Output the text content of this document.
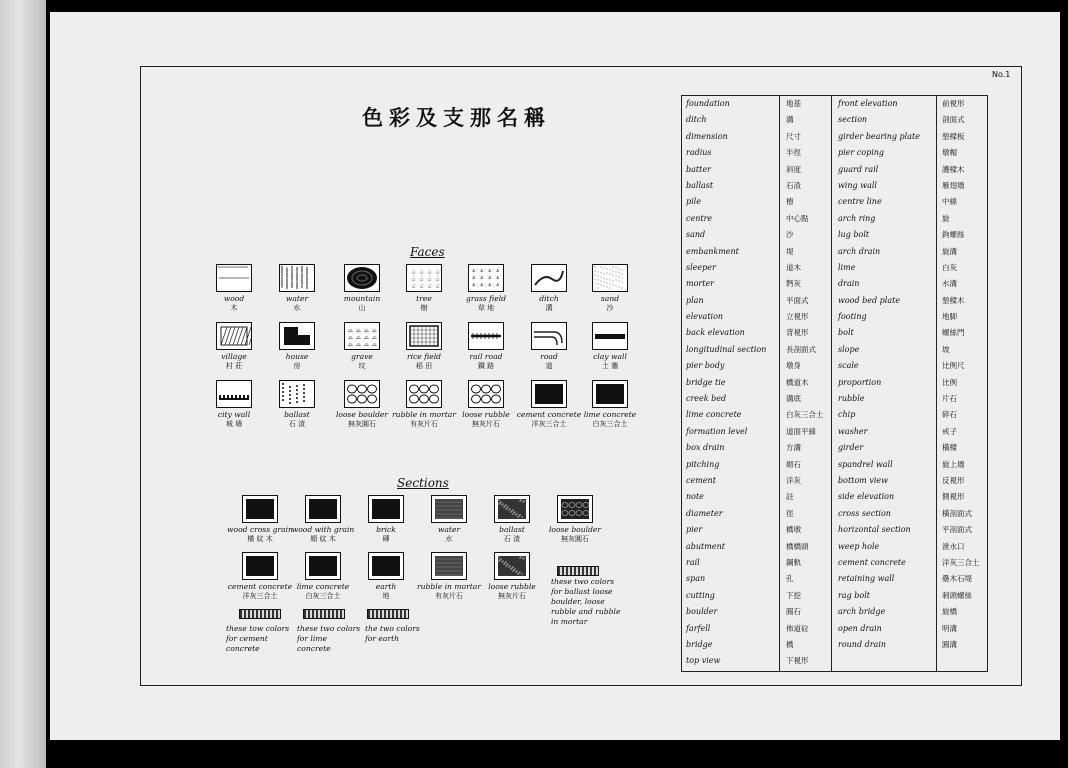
No.1
色彩及支那名稱
Faces
Sections
wood
木
water
水
mountain
山
♧ ♧ ♧ ♧
♧ ♧ ♧ ♧
♧ ♧ ♧ ♧
tree
樹
ᐞ ᐞ ᐞ ᐞ
ᐞ ᐞ ᐞ ᐞ
ᐞ ᐞ ᐞ ᐞ
grass field
草 地
ditch
溝
sand
沙
village
村 莊
house
房
⌓ ⌓ ⌓ ⌓
⌓ ⌓ ⌓ ⌓
⌓ ⌓ ⌓ ⌓
grave
坟
rice field
稻 田
rail road
鐵 路
road
道
clay wall
土 牆
city wall
城 墻
ballast
石 渣
loose boulder
無灰圓石
rubble in mortar
有灰片石
loose rubble
無灰片石
cement concrete
洋灰三合土
lime concrete
白灰三合土
wood cross grain
橫 紋 木
wood with grain
順 紋 木
brick
磚
water
水
ballast
石 渣
loose boulder
無灰圓石
cement concrete
洋灰三合土
lime concrete
白灰三合土
earth
地
rubble in mortar
有灰片石
loose rubble
無灰片石
these two colors for ballast loose boulder, loose rubble and rubble in mortar
these tow colors for cement concrete
these two colors for lime concrete
the two colors for earth
foundation
ditch
dimension
radius
batter
ballast
pile
centre
sand
embankment
sleeper
morter
plan
elevation
back elevation
longitudinal section
pier body
bridge tie
creek bed
lime concrete
formation level
box drain
pitching
cement
note
diameter
pier
abutment
rail
span
cutting
boulder
farfell
bridge
top view
地基
溝
尺寸
半徑
斜度
石渣
樁
中心點
沙
堤
道木
麪灰
平面式
立視形
背視形
長剖面式
墩身
橋道木
溝底
白灰三合土
道面平線
方溝
砌石
洋灰
註
徑
橋墩
橋橋頭
鋼軌
孔
下挖
圓石
佈道砬
橋
下視形
front elevation
section
girder bearing plate
pier coping
guard rail
wing wall
centre line
arch ring
lug bolt
arch drain
lime
drain
wood bed plate
footing
bolt
slope
scale
proportion
rubble
chip
washer
girder
spandrel wall
bottom view
side elevation
cross section
horizontal section
weep hole
cement concrete
retaining wall
rag bolt
arch bridge
open drain
round drain
前視形
剖面式
墊樑板
墩帽
護樑木
雁翅墻
中線
旋
鉤螺絲
旋溝
白灰
水溝
墊樑木
地脚
螺絲門
坡
比例尺
比例
片石
碎石
戒子
橫樑
旋上墻
反視形
側視形
橫剖面式
平剖面式
泄水口
洋灰三合土
壘木石堤
刺頭螺絲
旋橋
明溝
圓溝
